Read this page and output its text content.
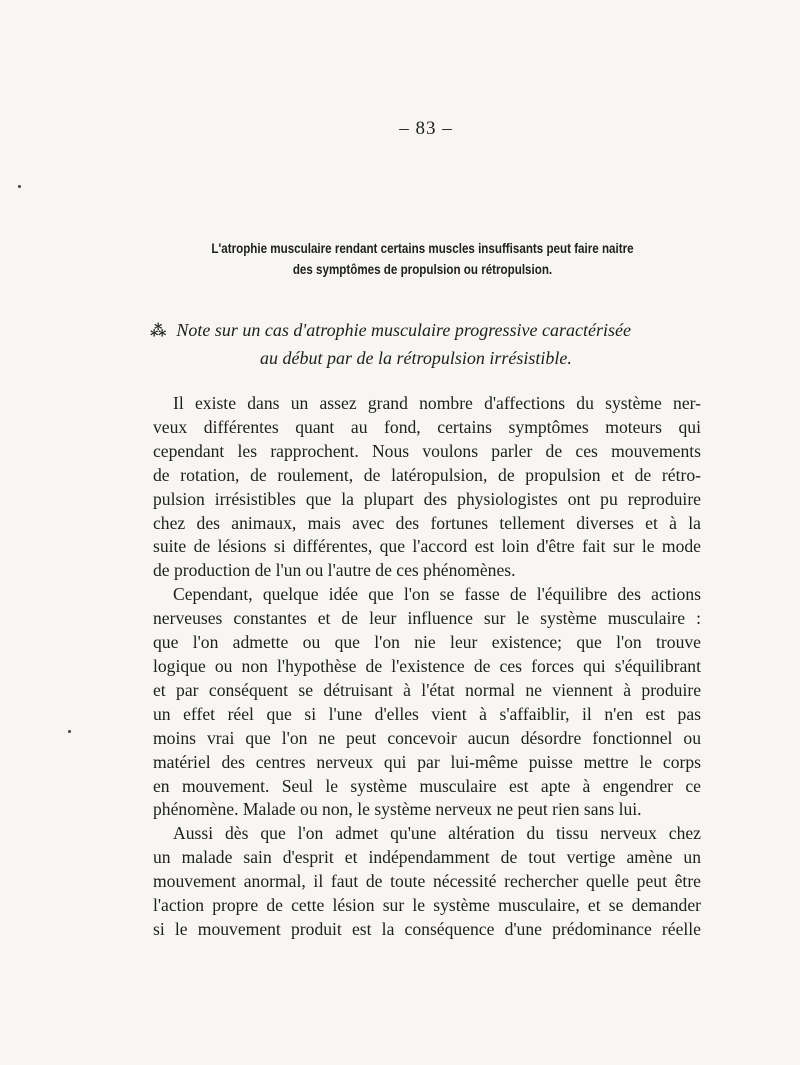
– 83 –
L'atrophie musculaire rendant certains muscles insuffisants peut faire naitre
des symptômes de propulsion ou rétropulsion.
⁂ Note sur un cas d'atrophie musculaire progressive caractérisée
au début par de la rétropulsion irrésistible.
Il existe dans un assez grand nombre d'affections du système ner-
veux différentes quant au fond, certains symptômes moteurs qui
cependant les rapprochent. Nous voulons parler de ces mouvements
de rotation, de roulement, de latéropulsion, de propulsion et de rétro-
pulsion irrésistibles que la plupart des physiologistes ont pu reproduire
chez des animaux, mais avec des fortunes tellement diverses et à la
suite de lésions si différentes, que l'accord est loin d'être fait sur le mode
de production de l'un ou l'autre de ces phénomènes.
Cependant, quelque idée que l'on se fasse de l'équilibre des actions
nerveuses constantes et de leur influence sur le système musculaire :
que l'on admette ou que l'on nie leur existence; que l'on trouve
logique ou non l'hypothèse de l'existence de ces forces qui s'équilibrant
et par conséquent se détruisant à l'état normal ne viennent à produire
un effet réel que si l'une d'elles vient à s'affaiblir, il n'en est pas
moins vrai que l'on ne peut concevoir aucun désordre fonctionnel ou
matériel des centres nerveux qui par lui-même puisse mettre le corps
en mouvement. Seul le système musculaire est apte à engendrer ce
phénomène. Malade ou non, le système nerveux ne peut rien sans lui.
Aussi dès que l'on admet qu'une altération du tissu nerveux chez
un malade sain d'esprit et indépendamment de tout vertige amène un
mouvement anormal, il faut de toute nécessité rechercher quelle peut être
l'action propre de cette lésion sur le système musculaire, et se demander
si le mouvement produit est la conséquence d'une prédominance réelle
